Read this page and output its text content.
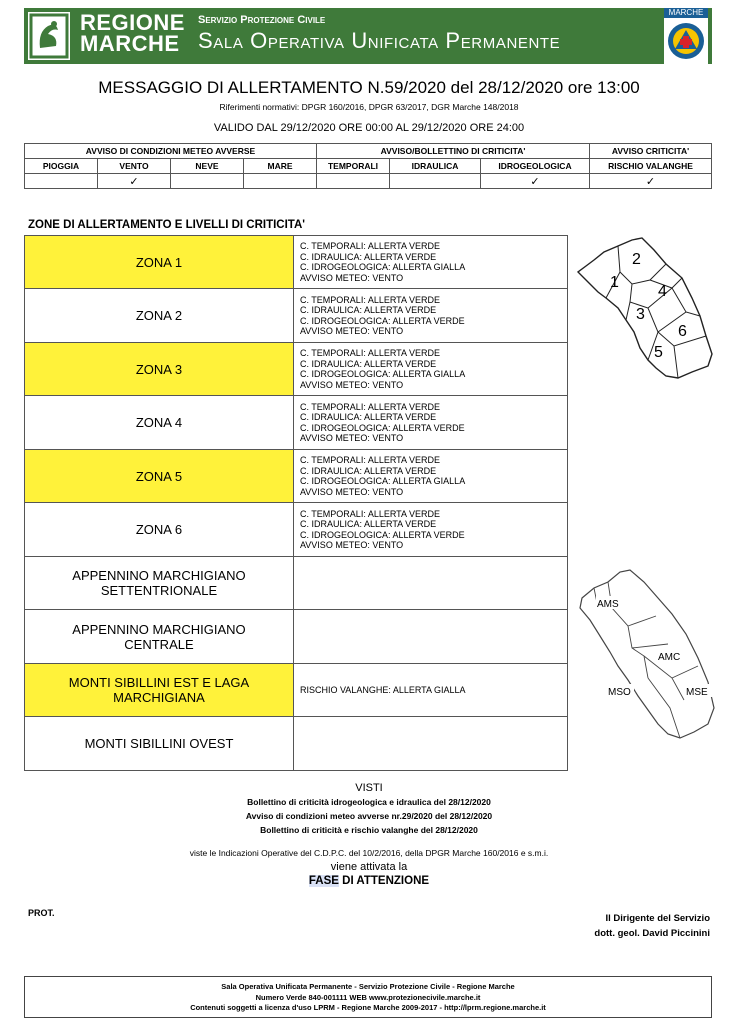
REGIONE
MARCHE
Servizio Protezione Civile
Sala Operativa Unificata Permanente
MARCHE
MESSAGGIO DI ALLERTAMENTO N.59/2020 del 28/12/2020 ore 13:00
Riferimenti normativi: DPGR 160/2016, DPGR 63/2017, DGR Marche 148/2018
VALIDO DAL 29/12/2020 ORE 00:00 AL 29/12/2020 ORE 24:00
AVVISO DI CONDIZIONI METEO AVVERSE				AVVISO/BOLLETTINO DI CRITICITA'			AVVISO CRITICITA'
PIOGGIA	VENTO	NEVE	MARE	TEMPORALI	IDRAULICA	IDROGEOLOGICA	RISCHIO VALANGHE
	✓					✓	✓
ZONE DI ALLERTAMENTO E LIVELLI DI CRITICITA'
ZONA 1	C. TEMPORALI: ALLERTA VERDE
C. IDRAULICA: ALLERTA VERDE
C. IDROGEOLOGICA: ALLERTA GIALLA
AVVISO METEO: VENTO

ZONA 2	C. TEMPORALI: ALLERTA VERDE
C. IDRAULICA: ALLERTA VERDE
C. IDROGEOLOGICA: ALLERTA VERDE
AVVISO METEO: VENTO

ZONA 3	C. TEMPORALI: ALLERTA VERDE
C. IDRAULICA: ALLERTA VERDE
C. IDROGEOLOGICA: ALLERTA GIALLA
AVVISO METEO: VENTO

ZONA 4	C. TEMPORALI: ALLERTA VERDE
C. IDRAULICA: ALLERTA VERDE
C. IDROGEOLOGICA: ALLERTA VERDE
AVVISO METEO: VENTO

ZONA 5	C. TEMPORALI: ALLERTA VERDE
C. IDRAULICA: ALLERTA VERDE
C. IDROGEOLOGICA: ALLERTA GIALLA
AVVISO METEO: VENTO

ZONA 6	C. TEMPORALI: ALLERTA VERDE
C. IDRAULICA: ALLERTA VERDE
C. IDROGEOLOGICA: ALLERTA VERDE
AVVISO METEO: VENTO

APPENNINO MARCHIGIANO
SETTENTRIONALE	

APPENNINO MARCHIGIANO
CENTRALE	

MONTI SIBILLINI EST E LAGA
MARCHIGIANA	RISCHIO VALANGHE: ALLERTA GIALLA

MONTI SIBILLINI OVEST	

1
2
3
4
5
6
AMS
AMC
MSO	MSE
VISTI
Bollettino di criticità idrogeologica e idraulica del 28/12/2020
Avviso di condizioni meteo avverse nr.29/2020 del 28/12/2020
Bollettino di criticità e rischio valanghe del 28/12/2020
viste le Indicazioni Operative del C.D.P.C. del 10/2/2016, della DPGR Marche 160/2016 e s.m.i.
viene attivata la
FASE DI ATTENZIONE
PROT.	Il Dirigente del Servizio
dott. geol. David Piccinini
Sala Operativa Unificata Permanente - Servizio Protezione Civile - Regione Marche
Numero Verde 840-001111 WEB www.protezionecivile.marche.it
Contenuti soggetti a licenza d'uso LPRM - Regione Marche 2009-2017 - http://lprm.regione.marche.it
